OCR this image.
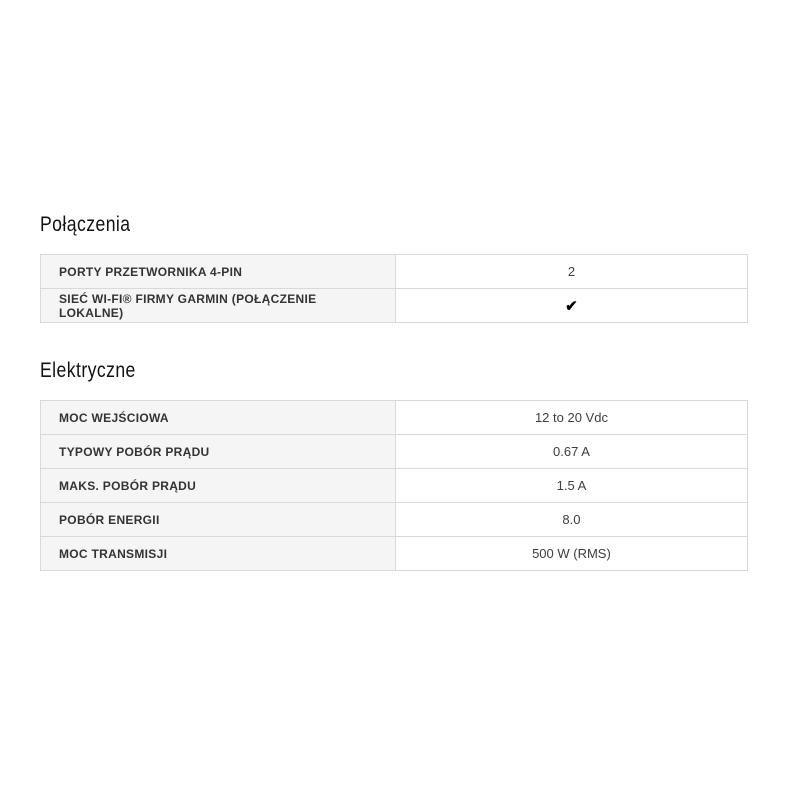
Połączenia
PORTY PRZETWORNIKA 4-PIN	2
SIEĆ WI-FI® FIRMY GARMIN (POŁĄCZENIE LOKALNE)	✔
Elektryczne
MOC WEJŚCIOWA	12 to 20 Vdc
TYPOWY POBÓR PRĄDU	0.67 A
MAKS. POBÓR PRĄDU	1.5 A
POBÓR ENERGII	8.0
MOC TRANSMISJI	500 W (RMS)
